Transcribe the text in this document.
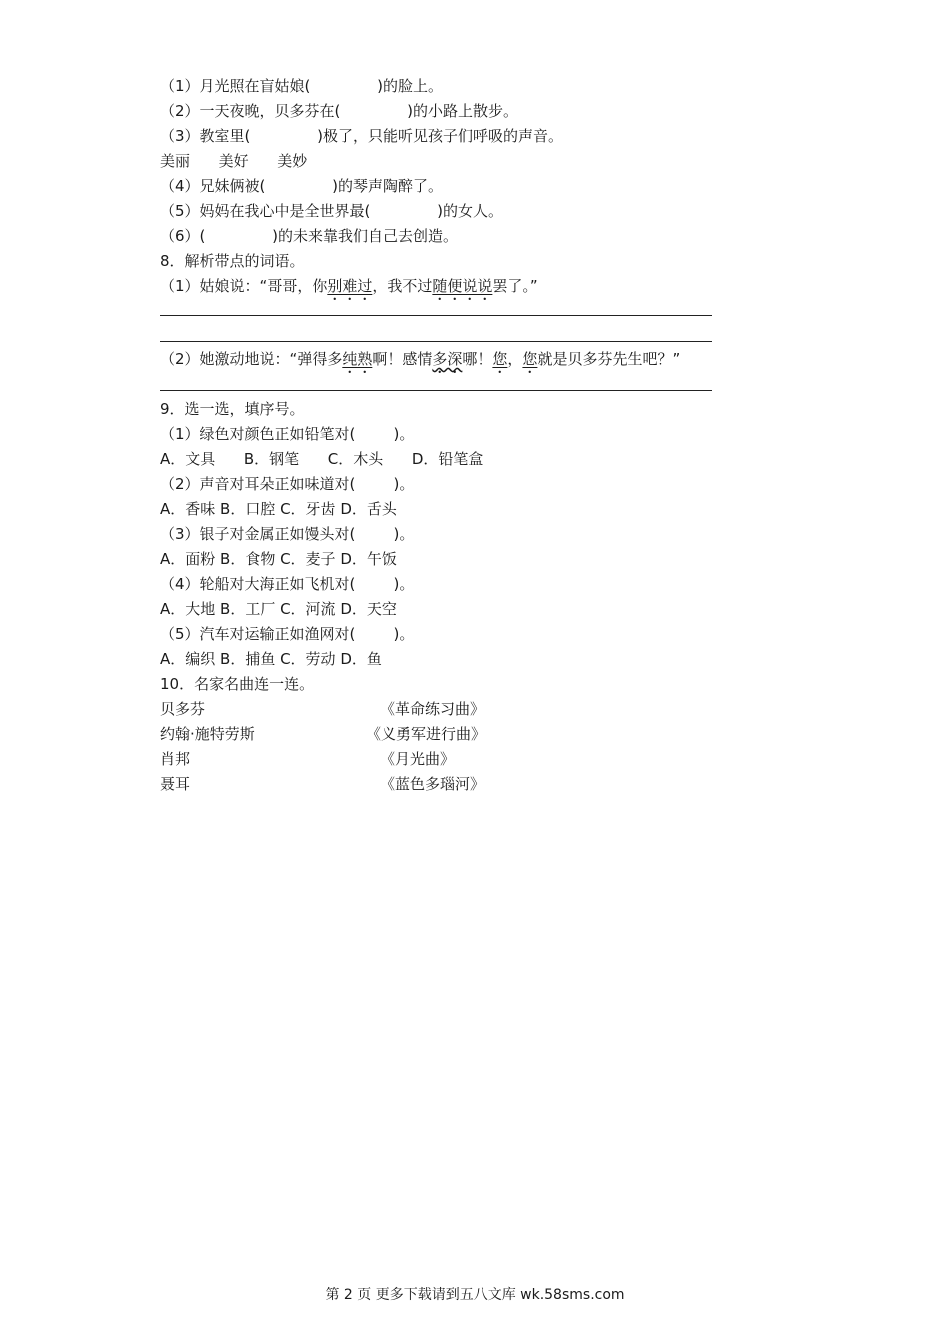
（1）月光照在盲姑娘(              )的脸上。
（2）一天夜晚，贝多芬在(              )的小路上散步。
（3）教室里(              )极了，只能听见孩子们呼吸的声音。
美丽      美好      美妙
（4）兄妹俩被(              )的琴声陶醉了。
（5）妈妈在我心中是全世界最(              )的女人。
（6）(              )的未来靠我们自己去创造。
8．解析带点的词语。
（1）姑娘说：“哥哥，你别难过，我不过随便说说罢了。”
（2）她激动地说：“弹得多纯熟啊！感情多深哪！您，您就是贝多芬先生吧？”
9．选一选，填序号。
（1）绿色对颜色正如铅笔对(        )。
A．文具      B．钢笔      C．木头      D．铅笔盒
（2）声音对耳朵正如味道对(        )。
A．香味 B．口腔 C．牙齿 D．舌头
（3）银子对金属正如馒头对(        )。
A．面粉 B．食物 C．麦子 D．午饭
（4）轮船对大海正如飞机对(        )。
A．大地 B．工厂 C．河流 D．天空
（5）汽车对运输正如渔网对(        )。
A．编织 B．捕鱼 C．劳动 D．鱼
10．名家名曲连一连。
贝多芬
约翰·施特劳斯
肖邦
聂耳
《革命练习曲》
《义勇军进行曲》
《月光曲》
《蓝色多瑙河》
第 2 页 更多下载请到五八文库 wk.58sms.com
